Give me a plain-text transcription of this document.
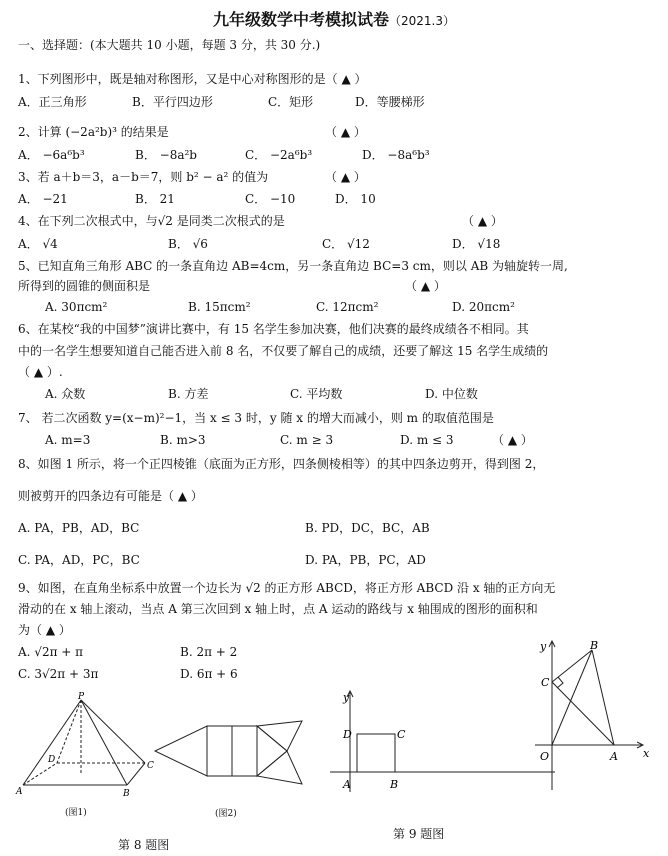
九年级数学中考模拟试卷（2021.3）
一、选择题：(本大题共 10 小题，每题 3 分，共 30 分.)
1、下列图形中，既是轴对称图形，又是中心对称图形的是（ ▲ ）
A．正三角形	B．平行四边形	C．矩形	D．等腰梯形
2、计算 (−2a²b)³ 的结果是	（ ▲ ）
A． −6a⁶b³	B． −8a²b	C． −2a⁶b³	D． −8a⁶b³
3、若 a＋b＝3，a－b＝7，则 b² − a² 的值为	（ ▲ ）
A． −21	B． 21	C． −10	D． 10
4、在下列二次根式中，与√2 是同类二次根式的是	（ ▲ ）
A． √4	B． √6	C． √12	D． √18
5、已知直角三角形 ABC 的一条直角边 AB=4cm，另一条直角边 BC=3 cm，则以 AB 为轴旋转一周,
所得到的圆锥的侧面积是	（ ▲ ）
A. 30πcm²	B. 15πcm²	C. 12πcm²	D. 20πcm²
6、在某校“我的中国梦”演讲比赛中，有 15 名学生参加决赛，他们决赛的最终成绩各不相同。其
中的一名学生想要知道自己能否进入前 8 名，不仅要了解自己的成绩，还要了解这 15 名学生成绩的
（ ▲ ）.
A. 众数	B. 方差	C. 平均数	D. 中位数
7、 若二次函数 y=(x−m)²−1，当 x ≤ 3 时，y 随 x 的增大而减小，则 m 的取值范围是
A. m=3	B. m>3	C. m ≥ 3	D. m ≤ 3	（ ▲ ）
8、如图 1 所示，将一个正四棱锥（底面为正方形，四条侧棱相等）的其中四条边剪开，得到图 2，
则被剪开的四条边有可能是（ ▲ ）
A. PA，PB，AD，BC	B. PD，DC，BC，AB
C. PA，AD，PC，BC	D. PA，PB，PC，AD
9、如图，在直角坐标系中放置一个边长为 √2 的正方形 ABCD，将正方形 ABCD 沿 x 轴的正方向无
滑动的在 x 轴上滚动，当点 A 第三次回到 x 轴上时，点 A 运动的路线与 x 轴围成的图形的面积和
为（ ▲ ）
A. √2π + π	B. 2π + 2
C. 3√2π + 3π	D. 6π + 6
P
A	B
C
D
(图1)	(图2)
第 8 题图
y
D	C
A	B
y	B
C
O	A x
第 9 题图
